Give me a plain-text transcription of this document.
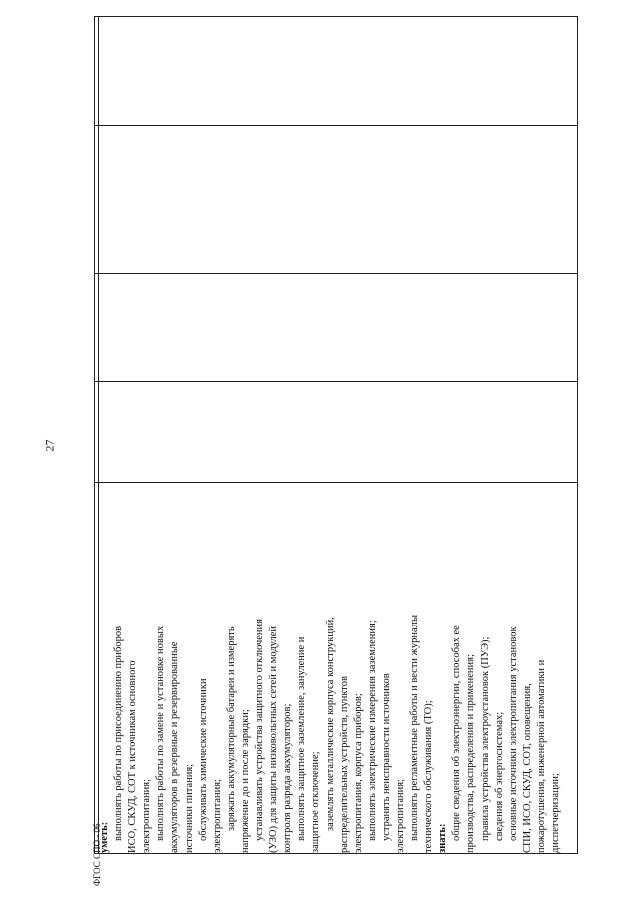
27
уметь: выполнять работы по присоединению приборов ИСО, СКУД, СОТ к источникам основного электропитания; выполнять работы по замене и установке новых аккумуляторов в резервные и резервированные источники питания; обслуживать химические источники электропитания; заряжать аккумуляторные батареи и измерять напряжение до и после зарядки; устанавливать устройства защитного отключения (УЗО) для защиты низковольтных сетей и модулей контроля разряда аккумуляторов; выполнять защитное заземление, зануление и защитное отключение; заземлять металлические корпуса конструкций, распределительных устройств, пунктов электропитания, корпуса приборов; выполнять электрические измерения заземления; устранять неисправности источников электропитания; выполнять регламентные работы и вести журналы технического обслуживания (ТО); знать: общие сведения об электроэнергии, способах ее производства, распределения и применения; правила устройства электроустановок (ПУЭ); сведения об энергосистемах; основные источники электропитания установок СПИ, ИСО, СКУД, СОТ, оповещения, пожаротушения, инженерной автоматики и диспетчеризации;
ФГОС СПО - 06
